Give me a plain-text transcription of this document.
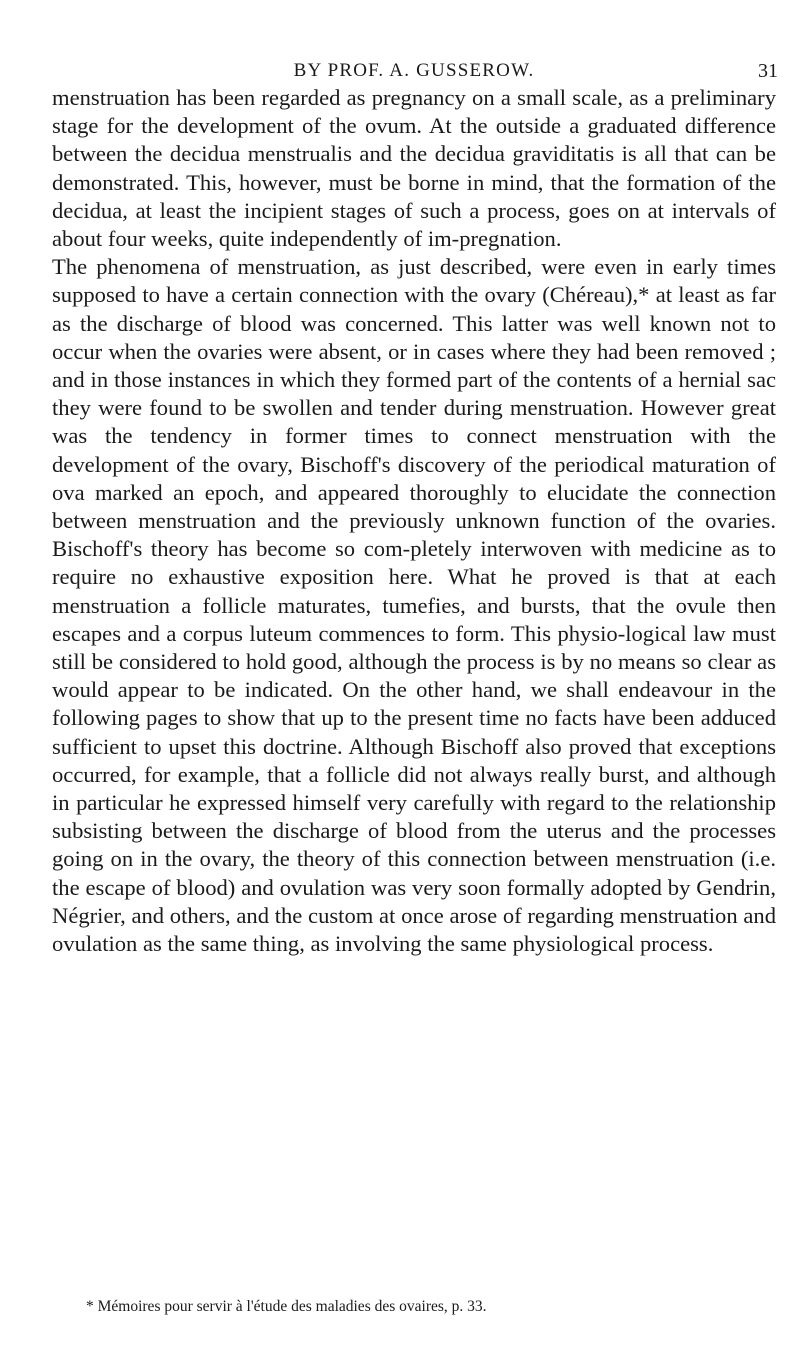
BY PROF. A. GUSSEROW.	31

menstruation has been regarded as pregnancy on a small scale, as a preliminary stage for the development of the ovum. At the outside a graduated difference between the decidua menstrualis and the decidua graviditatis is all that can be demonstrated. This, however, must be borne in mind, that the formation of the decidua, at least the incipient stages of such a process, goes on at intervals of about four weeks, quite independently of im-pregnation.

The phenomena of menstruation, as just described, were even in early times supposed to have a certain connection with the ovary (Chéreau),* at least as far as the discharge of blood was concerned. This latter was well known not to occur when the ovaries were absent, or in cases where they had been removed ; and in those instances in which they formed part of the contents of a hernial sac they were found to be swollen and tender during menstruation. However great was the tendency in former times to connect menstruation with the development of the ovary, Bischoff's discovery of the periodical maturation of ova marked an epoch, and appeared thoroughly to elucidate the connection between menstruation and the previously unknown function of the ovaries. Bischoff's theory has become so com-pletely interwoven with medicine as to require no exhaustive exposition here. What he proved is that at each menstruation a follicle maturates, tumefies, and bursts, that the ovule then escapes and a corpus luteum commences to form. This physio-logical law must still be considered to hold good, although the process is by no means so clear as would appear to be indicated. On the other hand, we shall endeavour in the following pages to show that up to the present time no facts have been adduced sufficient to upset this doctrine. Although Bischoff also proved that exceptions occurred, for example, that a follicle did not always really burst, and although in particular he expressed himself very carefully with regard to the relationship subsisting between the discharge of blood from the uterus and the processes going on in the ovary, the theory of this connection between menstruation (i.e. the escape of blood) and ovulation was very soon formally adopted by Gendrin, Négrier, and others, and the custom at once arose of regarding menstruation and ovulation as the same thing, as involving the same physiological process.

* Mémoires pour servir à l'étude des maladies des ovaires, p. 33.
